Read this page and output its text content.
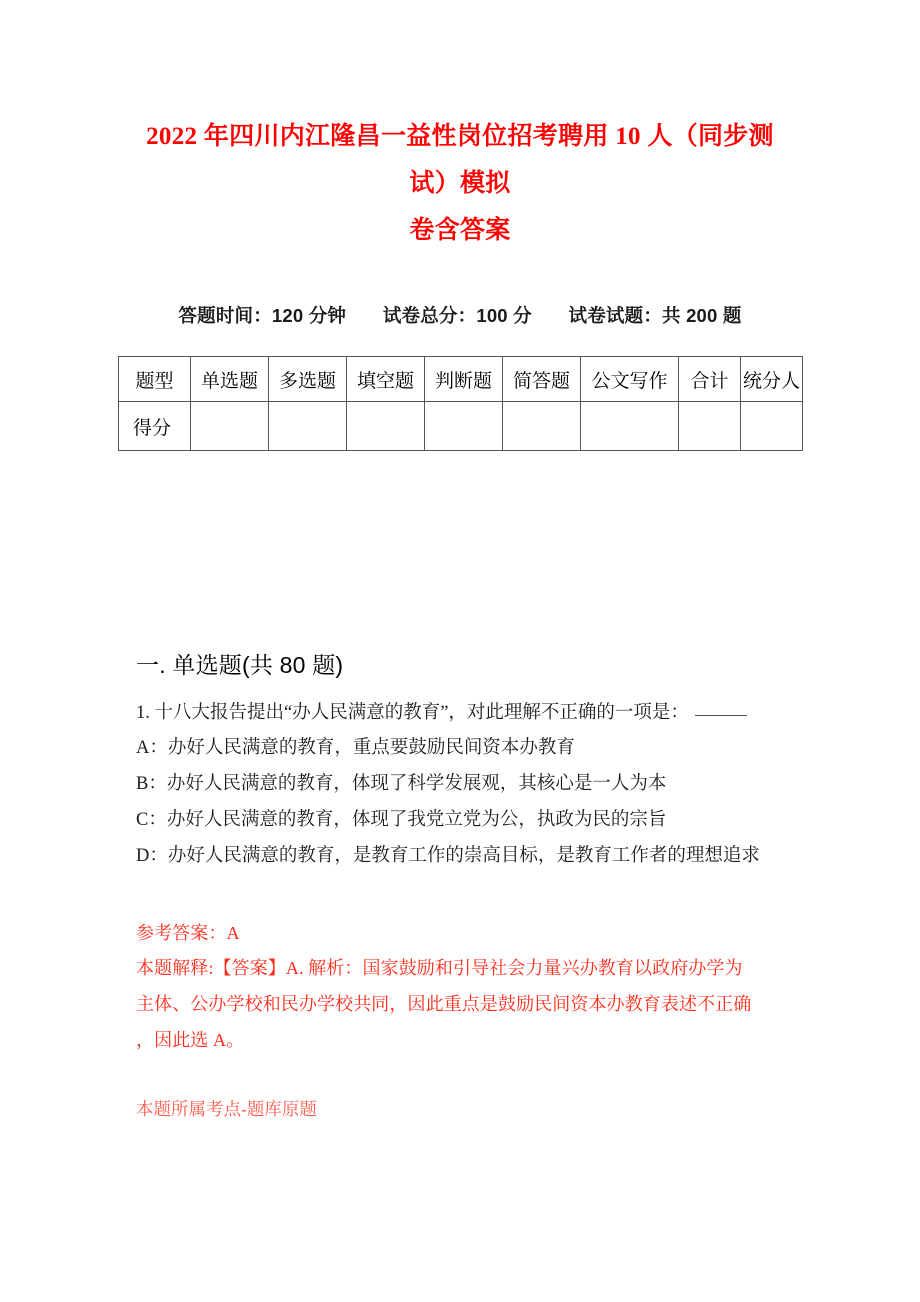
2022 年四川内江隆昌一益性岗位招考聘用 10 人（同步测试）模拟
卷含答案
答题时间：120 分钟 试卷总分：100 分 试卷试题：共 200 题
题型	单选题	多选题	填空题	判断题	简答题	公文写作	合计	统分人
得分								
一. 单选题(共 80 题)
1. 十八大报告提出“办人民满意的教育”，对此理解不正确的一项是：
A：办好人民满意的教育，重点要鼓励民间资本办教育
B：办好人民满意的教育，体现了科学发展观，其核心是一人为本
C：办好人民满意的教育，体现了我党立党为公，执政为民的宗旨
D：办好人民满意的教育，是教育工作的崇高目标，是教育工作者的理想追求
参考答案：A
本题解释:【答案】A. 解析：国家鼓励和引导社会力量兴办教育以政府办学为
主体、公办学校和民办学校共同，因此重点是鼓励民间资本办教育表述不正确
，因此选 A。
本题所属考点-题库原题
